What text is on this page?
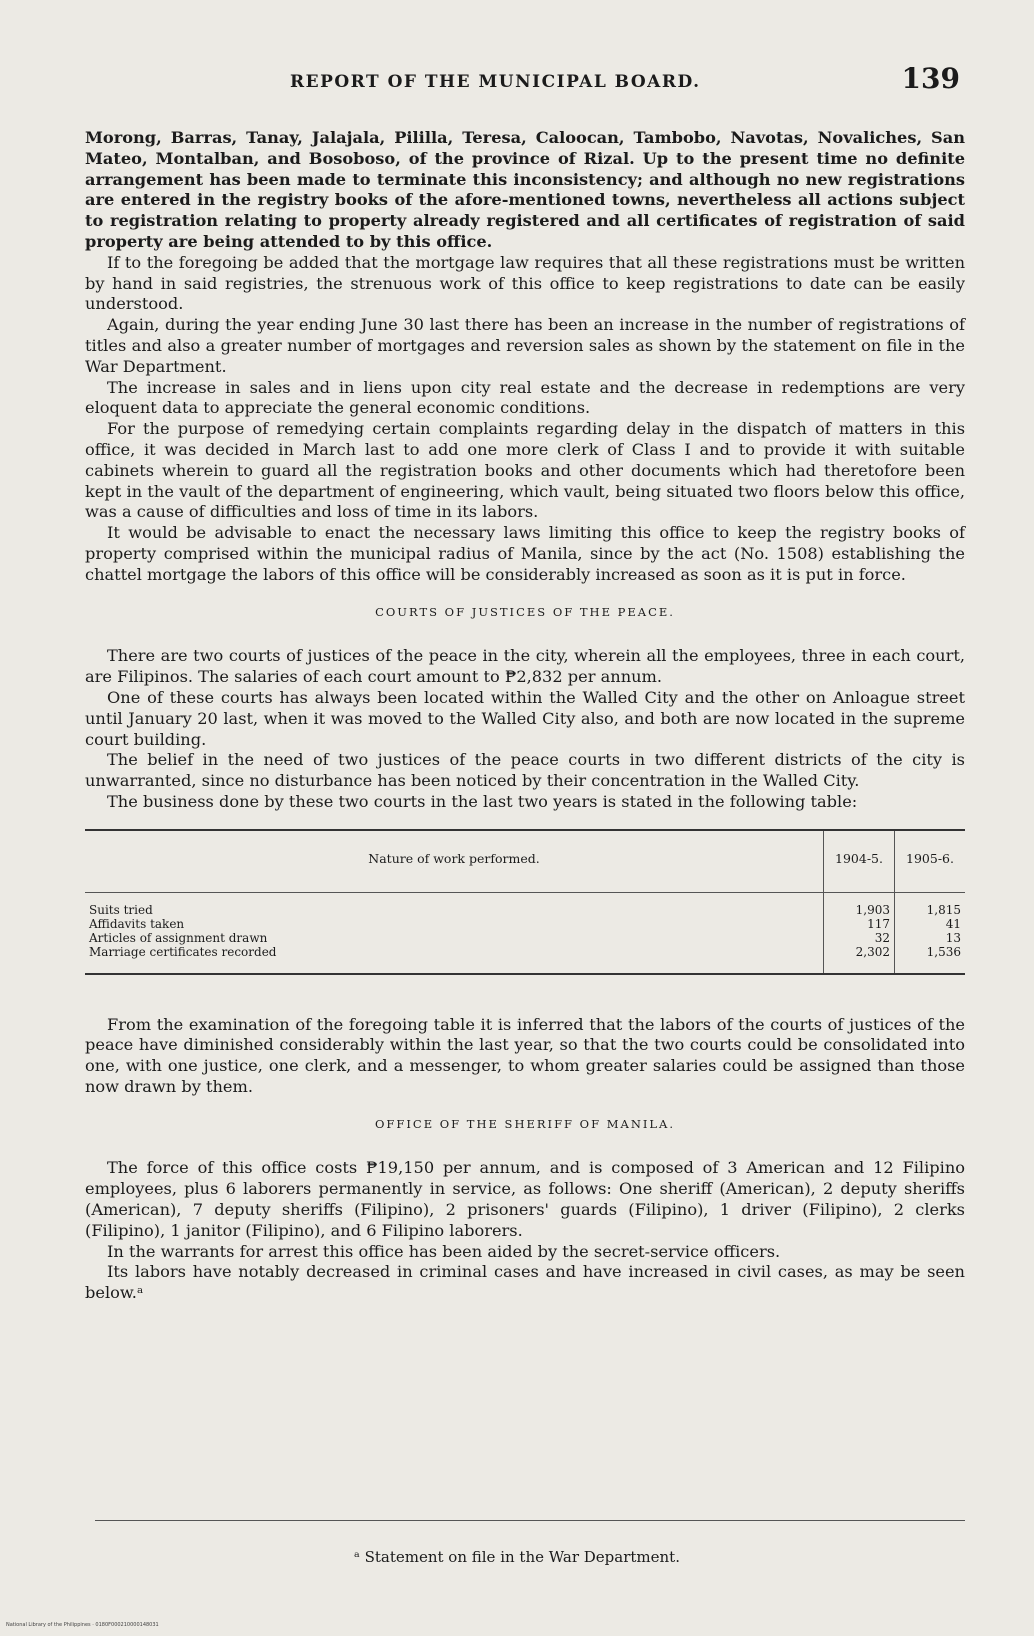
REPORT OF THE MUNICIPAL BOARD.	139

Morong, Barras, Tanay, Jalajala, Pililla, Teresa, Caloocan, Tambobo, Navotas, Novaliches, San Mateo, Montalban, and Bosoboso, of the province of Rizal. Up to the present time no definite arrangement has been made to terminate this inconsistency; and although no new registrations are entered in the registry books of the afore-mentioned towns, nevertheless all actions subject to registration relating to property already registered and all certificates of registration of said property are being attended to by this office.

If to the foregoing be added that the mortgage law requires that all these registrations must be written by hand in said registries, the strenuous work of this office to keep registrations to date can be easily understood.

Again, during the year ending June 30 last there has been an increase in the number of registrations of titles and also a greater number of mortgages and reversion sales as shown by the statement on file in the War Department.

The increase in sales and in liens upon city real estate and the decrease in redemptions are very eloquent data to appreciate the general economic conditions.

For the purpose of remedying certain complaints regarding delay in the dispatch of matters in this office, it was decided in March last to add one more clerk of Class I and to provide it with suitable cabinets wherein to guard all the registration books and other documents which had theretofore been kept in the vault of the department of engineering, which vault, being situated two floors below this office, was a cause of difficulties and loss of time in its labors.

It would be advisable to enact the necessary laws limiting this office to keep the registry books of property comprised within the municipal radius of Manila, since by the act (No. 1508) establishing the chattel mortgage the labors of this office will be considerably increased as soon as it is put in force.

COURTS OF JUSTICES OF THE PEACE.

There are two courts of justices of the peace in the city, wherein all the employees, three in each court, are Filipinos. The salaries of each court amount to ₱2,832 per annum.

One of these courts has always been located within the Walled City and the other on Anloague street until January 20 last, when it was moved to the Walled City also, and both are now located in the supreme court building.

The belief in the need of two justices of the peace courts in two different districts of the city is unwarranted, since no disturbance has been noticed by their concentration in the Walled City.

The business done by these two courts in the last two years is stated in the following table:

Nature of work performed.	1904-5.	1905-6.

Suits tried	1,903	1,815
Affidavits taken	117	41
Articles of assignment drawn	32	13
Marriage certificates recorded	2,302	1,536

From the examination of the foregoing table it is inferred that the labors of the courts of justices of the peace have diminished considerably within the last year, so that the two courts could be consolidated into one, with one justice, one clerk, and a messenger, to whom greater salaries could be assigned than those now drawn by them.

OFFICE OF THE SHERIFF OF MANILA.

The force of this office costs ₱19,150 per annum, and is composed of 3 American and 12 Filipino employees, plus 6 laborers permanently in service, as follows: One sheriff (American), 2 deputy sheriffs (American), 7 deputy sheriffs (Filipino), 2 prisoners' guards (Filipino), 1 driver (Filipino), 2 clerks (Filipino), 1 janitor (Filipino), and 6 Filipino laborers.

In the warrants for arrest this office has been aided by the secret-service officers.

Its labors have notably decreased in criminal cases and have increased in civil cases, as may be seen below.ᵃ

ᵃ Statement on file in the War Department.
National Library of the Philippines · 0180F000210000148031
